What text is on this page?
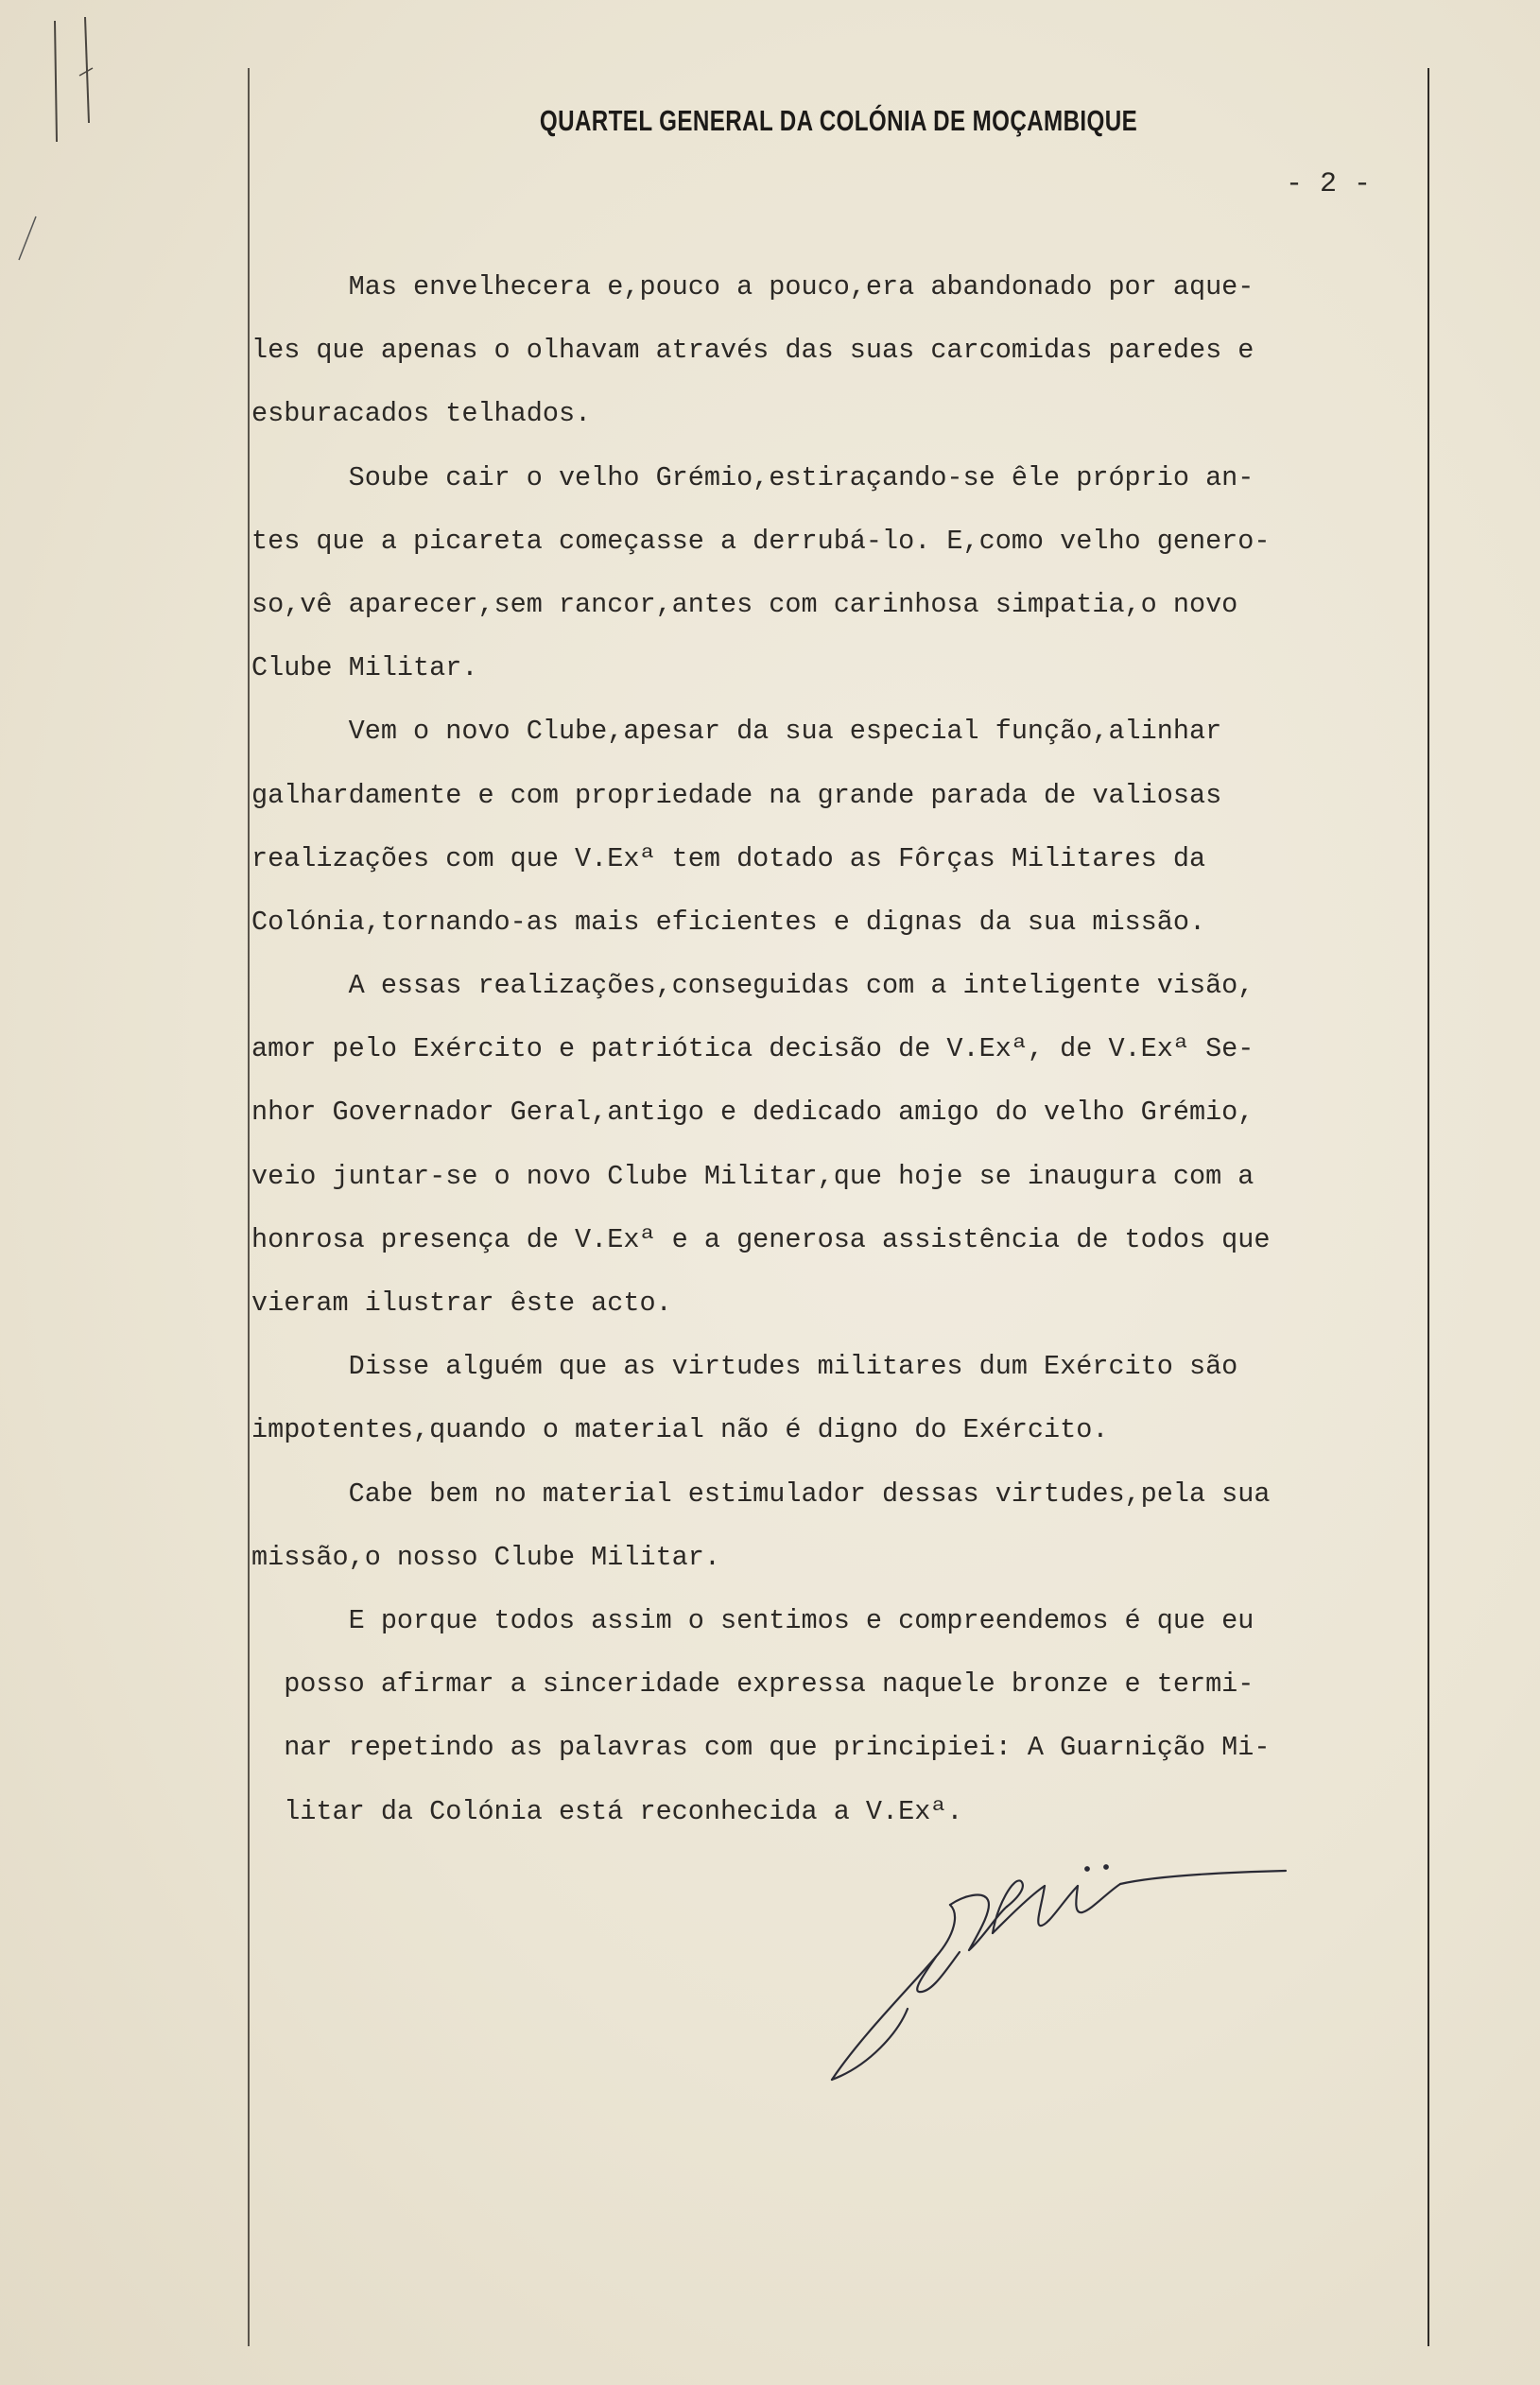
QUARTEL GENERAL DA COLÓNIA DE MOÇAMBIQUE
- 2 -
Mas envelhecera e,pouco a pouco,era abandonado por aque-
les que apenas o olhavam através das suas carcomidas paredes e
esburacados telhados.
Soube cair o velho Grémio,estiraçando-se êle próprio an-
tes que a picareta começasse a derrubá-lo. E,como velho genero-
so,vê aparecer,sem rancor,antes com carinhosa simpatia,o novo
Clube Militar.
Vem o novo Clube,apesar da sua especial função,alinhar
galhardamente e com propriedade na grande parada de valiosas
realizações com que V.Exª tem dotado as Fôrças Militares da
Colónia,tornando-as mais eficientes e dignas da sua missão.
A essas realizações,conseguidas com a inteligente visão,
amor pelo Exército e patriótica decisão de V.Exª, de V.Exª Se-
nhor Governador Geral,antigo e dedicado amigo do velho Grémio,
veio juntar-se o novo Clube Militar,que hoje se inaugura com a
honrosa presença de V.Exª e a generosa assistência de todos que
vieram ilustrar êste acto.
Disse alguém que as virtudes militares dum Exército são
impotentes,quando o material não é digno do Exército.
Cabe bem no material estimulador dessas virtudes,pela sua
missão,o nosso Clube Militar.
E porque todos assim o sentimos e compreendemos é que eu
posso afirmar a sinceridade expressa naquele bronze e termi-
nar repetindo as palavras com que principiei: A Guarnição Mi-
litar da Colónia está reconhecida a V.Exª.
